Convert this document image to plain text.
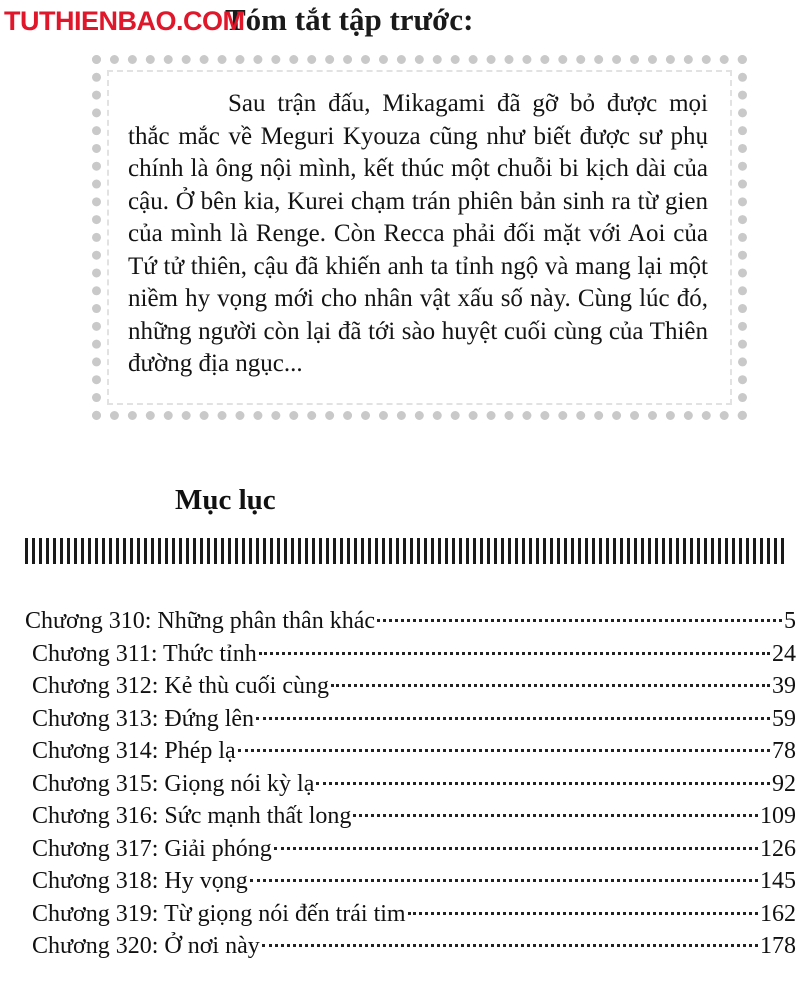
TUTHIENBAO.COM
Tóm tắt tập trước:

Sau trận đấu, Mikagami đã gỡ bỏ được mọi thắc mắc về Meguri Kyouza cũng như biết được sư phụ chính là ông nội mình, kết thúc một chuỗi bi kịch dài của cậu. Ở bên kia, Kurei chạm trán phiên bản sinh ra từ gien của mình là Renge. Còn Recca phải đối mặt với Aoi của Tứ tử thiên, cậu đã khiến anh ta tỉnh ngộ và mang lại một niềm hy vọng mới cho nhân vật xấu số này. Cùng lúc đó, những người còn lại đã tới sào huyệt cuối cùng của Thiên đường địa ngục...

Mục lục
Chương 310: Những phân thân khác	5
Chương 311: Thức tỉnh	24
Chương 312: Kẻ thù cuối cùng	39
Chương 313: Đứng lên	59
Chương 314: Phép lạ	78
Chương 315: Giọng nói kỳ lạ	92
Chương 316: Sức mạnh thất long	109
Chương 317: Giải phóng	126
Chương 318: Hy vọng	145
Chương 319: Từ giọng nói đến trái tim	162
Chương 320: Ở nơi này	178
